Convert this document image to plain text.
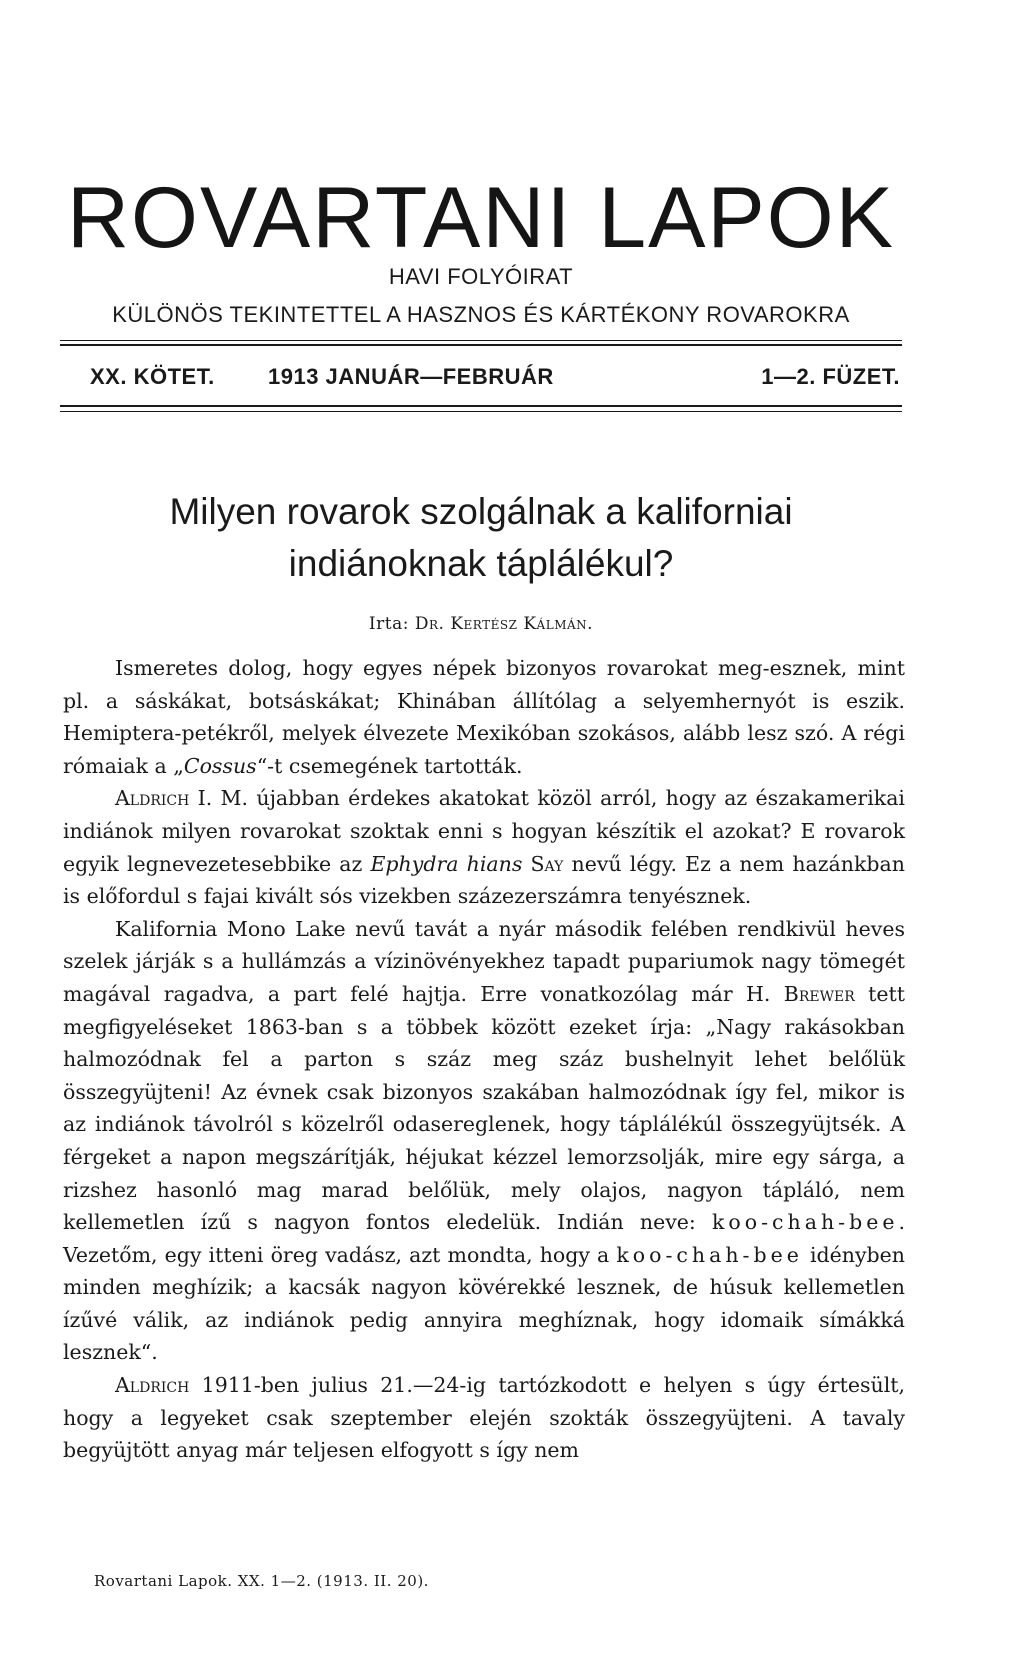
ROVARTANI LAPOK
HAVI FOLYÓIRAT
KÜLÖNÖS TEKINTETTEL A HASZNOS ÉS KÁRTÉKONY ROVAROKRA
XX. KÖTET. 1913 JANUÁR—FEBRUÁR	1—2. FÜZET.
Milyen rovarok szolgálnak a kaliforniai
indiánoknak táplálékul?
Irta: Dr. Kertész Kálmán.

Ismeretes dolog, hogy egyes népek bizonyos rovarokat meg-esznek, mint pl. a sáskákat, botsáskákat; Khinában állítólag a selyemhernyót is eszik. Hemiptera-petékről, melyek élvezete Mexikóban szokásos, alább lesz szó. A régi rómaiak a „Cossus“-t csemegének tartották.

Aldrich I. M. újabban érdekes akatokat közöl arról, hogy az északamerikai indiánok milyen rovarokat szoktak enni s hogyan készítik el azokat? E rovarok egyik legnevezetesebbike az Ephydra hians Say nevű légy. Ez a nem hazánkban is előfordul s fajai kivált sós vizekben százezerszámra tenyésznek.

Kalifornia Mono Lake nevű tavát a nyár második felében rendkivül heves szelek járják s a hullámzás a vízinövényekhez tapadt pupariumok nagy tömegét magával ragadva, a part felé hajtja. Erre vonatkozólag már H. Brewer tett megfigyeléseket 1863-ban s a többek között ezeket írja: „Nagy rakásokban halmozódnak fel a parton s száz meg száz bushelnyit lehet belőlük összegyüjteni! Az évnek csak bizonyos szakában halmozódnak így fel, mikor is az indiánok távolról s közelről odasereglenek, hogy táplálékúl összegyüjtsék. A férgeket a napon megszárítják, héjukat kézzel lemorzsolják, mire egy sárga, a rizshez hasonló mag marad belőlük, mely olajos, nagyon tápláló, nem kellemetlen ízű s nagyon fontos eledelük. Indián neve: koo-chah-bee. Vezetőm, egy itteni öreg vadász, azt mondta, hogy a koo-chah-bee idényben minden meghízik; a kacsák nagyon kövérekké lesznek, de húsuk kellemetlen ízűvé válik, az indiánok pedig annyira meghíznak, hogy idomaik símákká lesznek“.

Aldrich 1911-ben julius 21.—24-ig tartózkodott e helyen s úgy értesült, hogy a legyeket csak szeptember elején szokták összegyüjteni. A tavaly begyüjtött anyag már teljesen elfogyott s így nem

Rovartani Lapok. XX. 1—2. (1913. II. 20).
